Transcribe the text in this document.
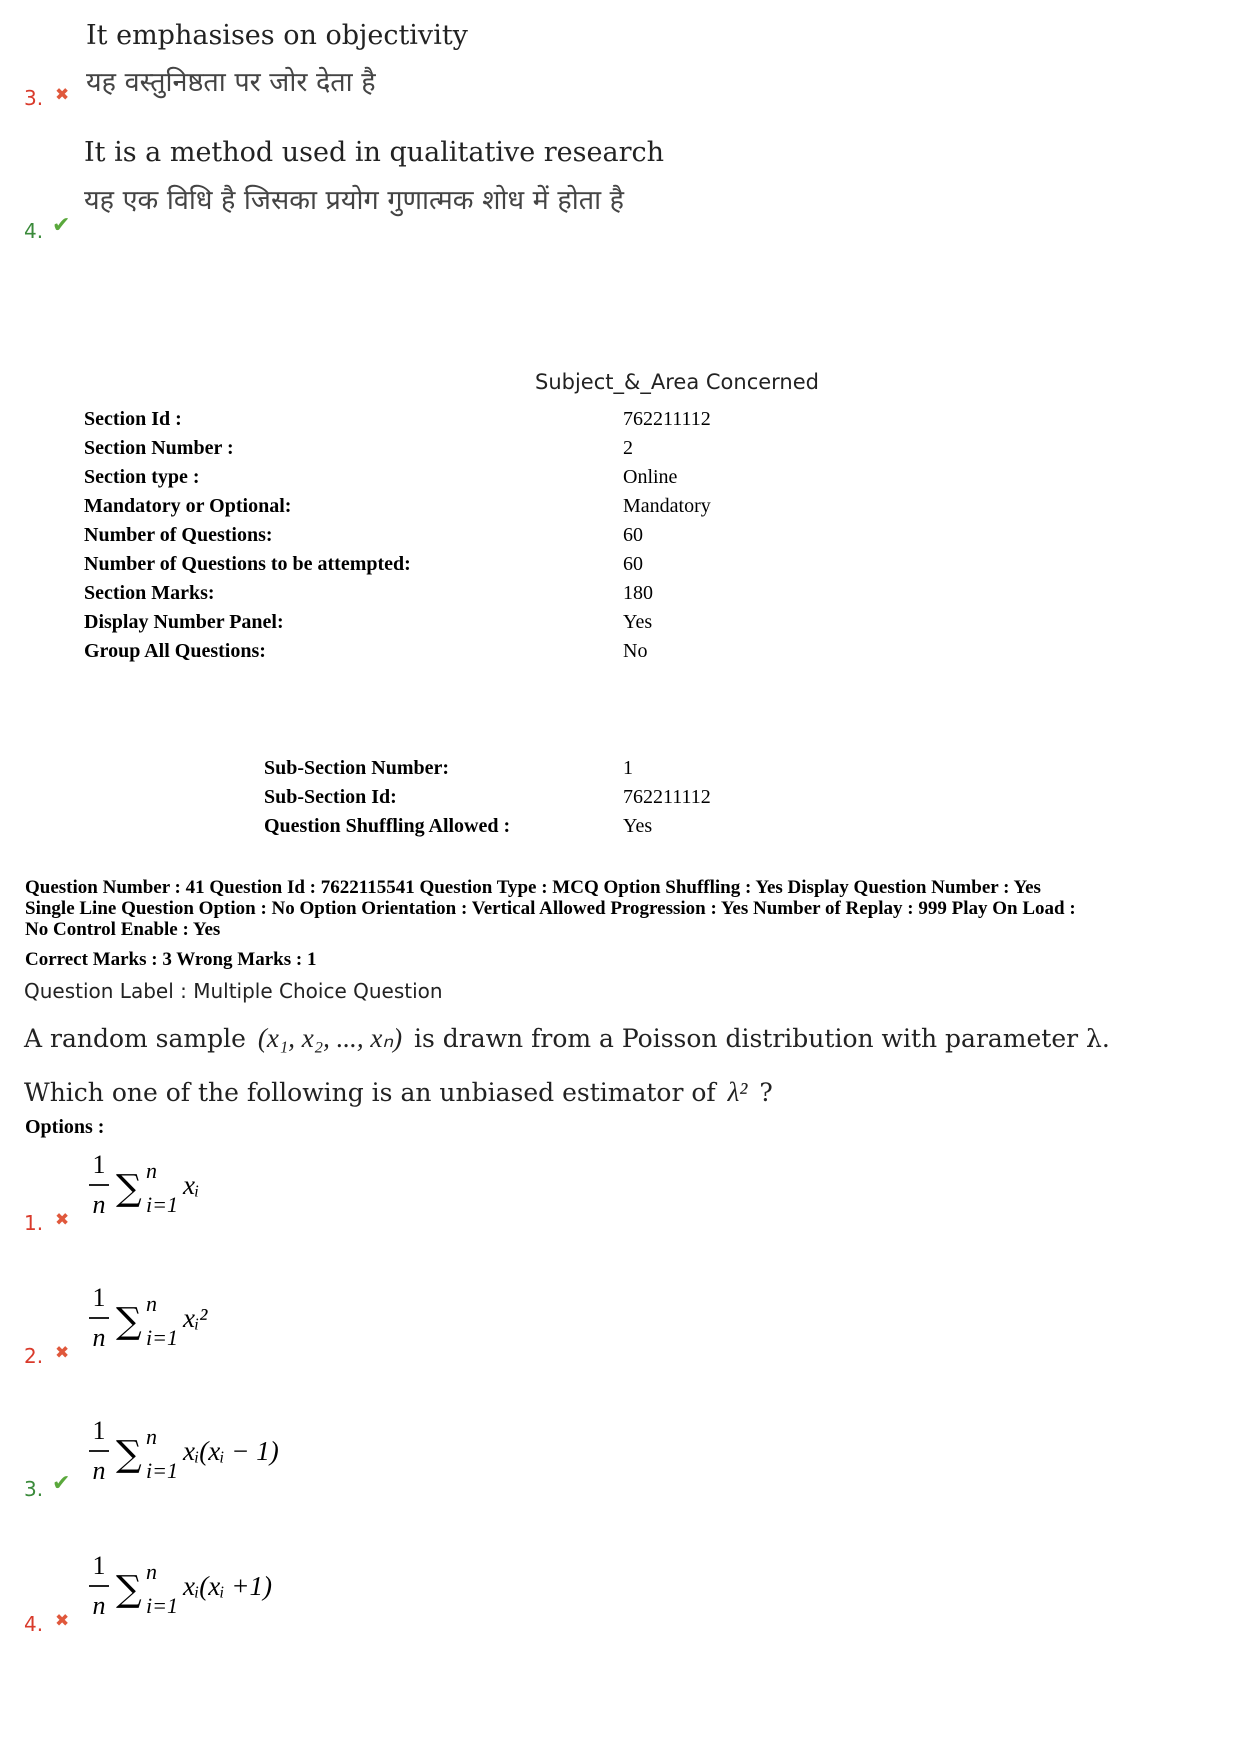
It emphasises on objectivity
यह वस्तुनिष्ठता पर जोर देता है
3. ✖
It is a method used in qualitative research
यह एक विधि है जिसका प्रयोग गुणात्मक शोध में होता है
4. ✔
Subject_&_Area Concerned
Section Id :	762211112
Section Number :	2
Section type :	Online
Mandatory or Optional:	Mandatory
Number of Questions:	60
Number of Questions to be attempted:	60
Section Marks:	180
Display Number Panel:	Yes
Group All Questions:	No
Sub-Section Number:	1
Sub-Section Id:	762211112
Question Shuffling Allowed :	Yes
Question Number : 41 Question Id : 7622115541 Question Type : MCQ Option Shuffling : Yes Display Question Number : Yes
Single Line Question Option : No Option Orientation : Vertical Allowed Progression : Yes Number of Replay : 999 Play On Load :
No Control Enable : Yes
Correct Marks : 3 Wrong Marks : 1
Question Label : Multiple Choice Question
A random sample (x₁, x₂, ..., xₙ) is drawn from a Poisson distribution with parameter λ.
Which one of the following is an unbiased estimator of λ² ?
Options :
1
n ∑ n
i=1
xᵢ
1. ✖
1
n ∑ n
i=1
xᵢ²
2. ✖
1
n ∑ n
i=1
xᵢ(xᵢ − 1)
3. ✔
1
n ∑ n
i=1
xᵢ(xᵢ +1)
4. ✖
